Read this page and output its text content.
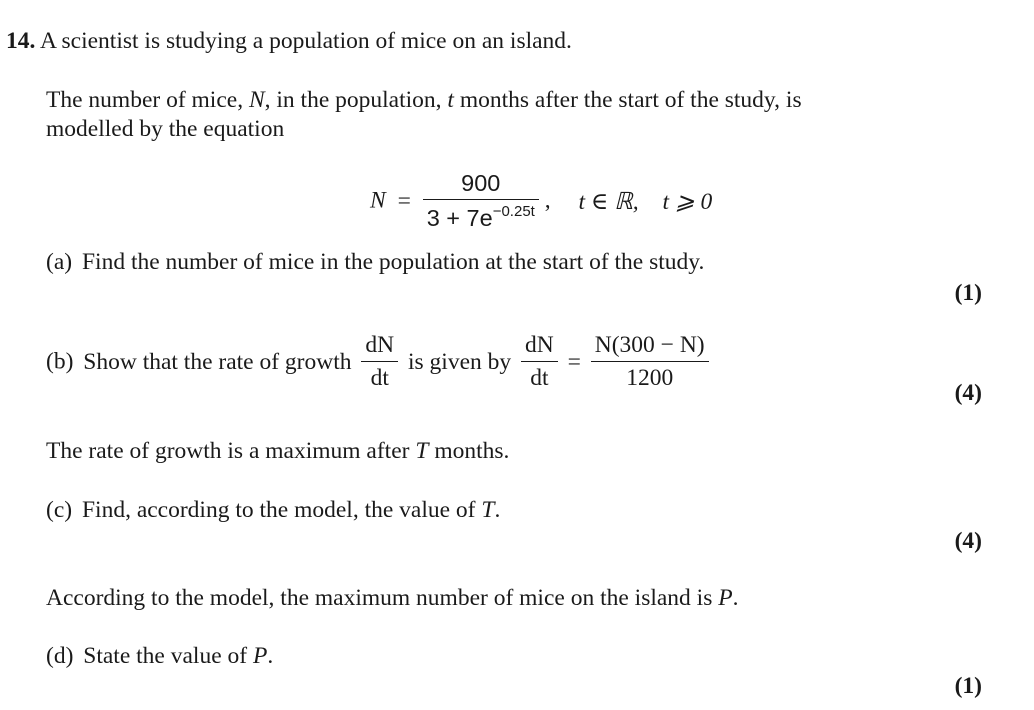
14. A scientist is studying a population of mice on an island.
The number of mice, N, in the population, t months after the start of the study, is
modelled by the equation
$N = \frac{900}{3 + 7e^{-0.25t}}$ , t ∈ ℝ, t ⩾ 0
(a) Find the number of mice in the population at the start of the study.
(1)
(b) Show that the rate of growth $\frac{dN}{dt}$ is given by $\frac{dN}{dt} = \frac{N(300 - N)}{1200}$
(4)
The rate of growth is a maximum after T months.
(c) Find, according to the model, the value of T.
(4)
According to the model, the maximum number of mice on the island is P.
(d) State the value of P.
(1)
